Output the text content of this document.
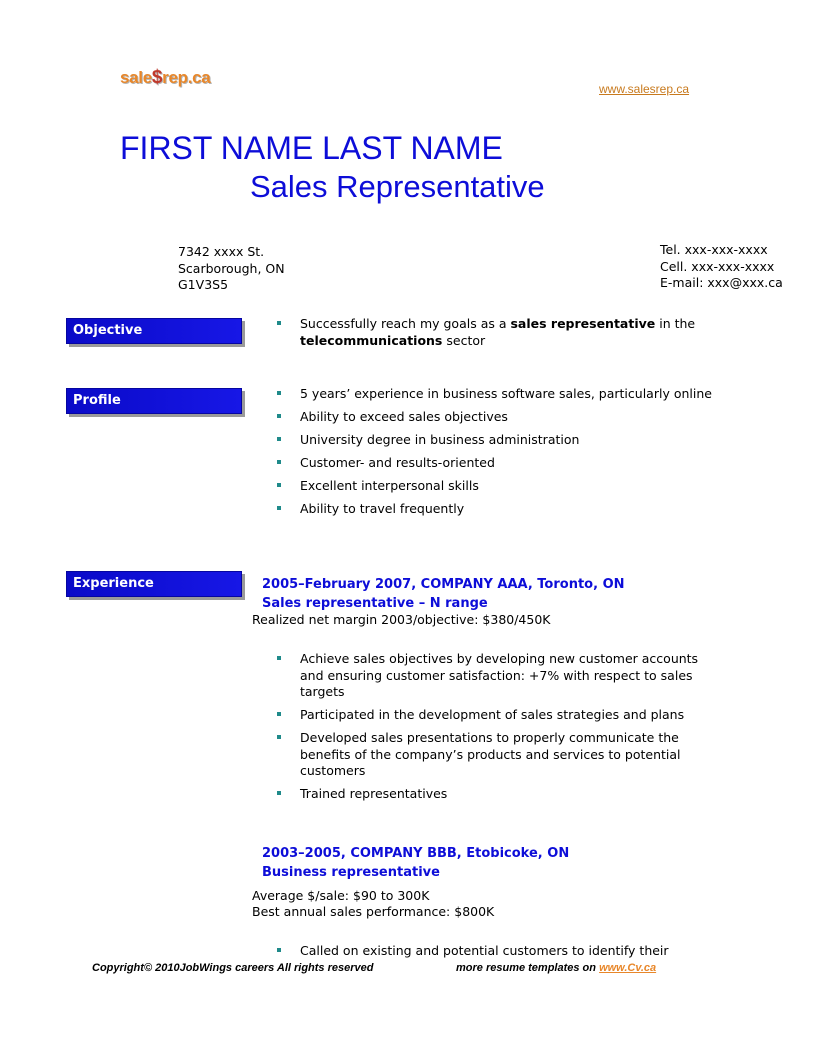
sale$rep.ca
www.salesrep.ca
FIRST NAME LAST NAME
Sales Representative
7342 xxxx St.
Scarborough, ON
G1V3S5
Tel. xxx-xxx-xxxx
Cell. xxx-xxx-xxxx
E-mail: xxx@xxx.ca
Objective	Successfully reach my goals as a sales representative in the telecommunications sector
Profile	5 years’ experience in business software sales, particularly online
Ability to exceed sales objectives
University degree in business administration
Customer- and results-oriented
Excellent interpersonal skills
Ability to travel frequently
Experience	2005–February 2007, COMPANY AAA, Toronto, ON
Sales representative – N range
Realized net margin 2003/objective: $380/450K
Achieve sales objectives by developing new customer accounts and ensuring customer satisfaction: +7% with respect to sales targets
Participated in the development of sales strategies and plans
Developed sales presentations to properly communicate the benefits of the company’s products and services to potential customers
Trained representatives
2003–2005, COMPANY BBB, Etobicoke, ON
Business representative
Average $/sale: $90 to 300K
Best annual sales performance: $800K
Called on existing and potential customers to identify their
Copyright© 2010JobWings careers All rights reserved	more resume templates on www.Cv.ca
